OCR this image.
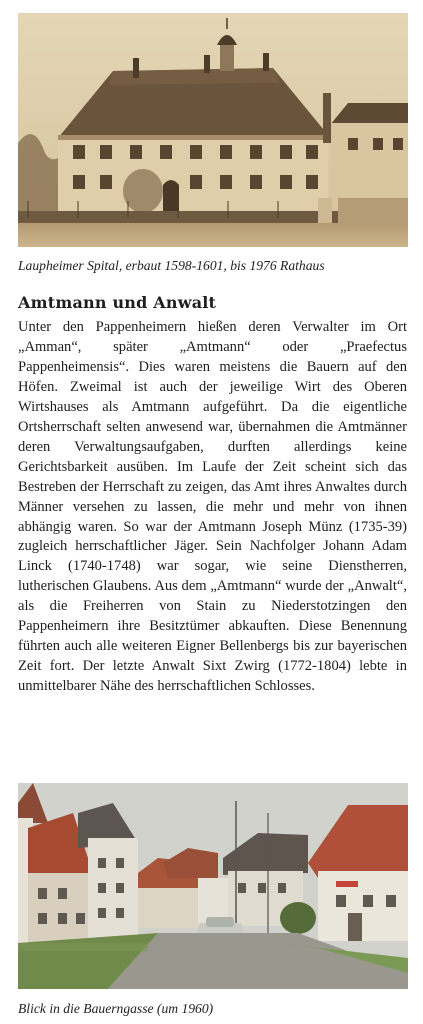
Laupheimer Spital, erbaut 1598-1601, bis 1976 Rathaus
Amtmann und Anwalt

Unter den Pappenheimern hießen deren Verwalter im Ort „Amman“, später „Amtmann“ oder „Praefectus Pappenheimensis“. Dies waren meistens die Bauern auf den Höfen. Zweimal ist auch der jeweilige Wirt des Oberen Wirtshauses als Amtmann aufgeführt. Da die eigentliche Ortsherrschaft selten anwesend war, übernahmen die Amtmänner deren Verwaltungsaufgaben, durften allerdings keine Gerichtsbarkeit ausüben. Im Laufe der Zeit scheint sich das Bestreben der Herrschaft zu zeigen, das Amt ihres Anwaltes durch Männer versehen zu lassen, die mehr und mehr von ihnen abhängig waren. So war der Amtmann Joseph Münz (1735-39) zugleich herrschaftlicher Jäger. Sein Nachfolger Johann Adam Linck (1740-1748) war sogar, wie seine Dienstherren, lutherischen Glaubens. Aus dem „Amtmann“ wurde der „Anwalt“, als die Freiherren von Stain zu Niederstotzingen den Pappenheimern ihre Besitztümer abkauften. Diese Benennung führten auch alle weiteren Eigner Bellenbergs bis zur bayerischen Zeit fort. Der letzte Anwalt Sixt Zwirg (1772-1804) lebte in unmittelbarer Nähe des herrschaftlichen Schlosses.

Blick in die Bauerngasse (um 1960)
